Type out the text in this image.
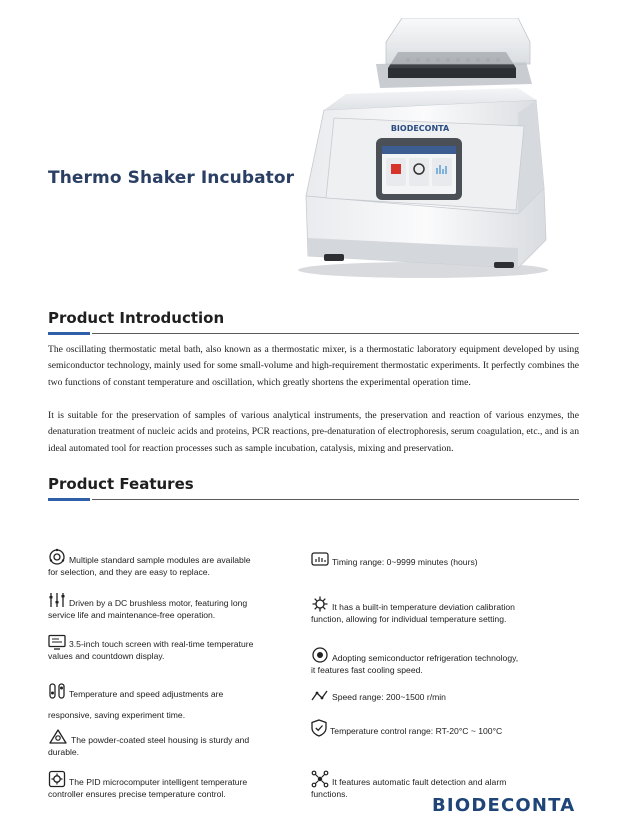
BIODECONTA
Thermo Shaker Incubator
Product Introduction
The oscillating thermostatic metal bath, also known as a thermostatic mixer, is a thermostatic laboratory equipment developed by using semiconductor technology, mainly used for some small-volume and high-requirement thermostatic experiments. It perfectly combines the two functions of constant temperature and oscillation, which greatly shortens the experimental operation time.
It is suitable for the preservation of samples of various analytical instruments, the preservation and reaction of various enzymes, the denaturation treatment of nucleic acids and proteins, PCR reactions, pre-denaturation of electrophoresis, serum coagulation, etc., and is an ideal automated tool for reaction processes such as sample incubation, catalysis, mixing and preservation.
Product Features
Multiple standard sample modules are available
for selection, and they are easy to replace.
Driven by a DC brushless motor, featuring long
service life and maintenance-free operation.
3.5-inch touch screen with real-time temperature
values and countdown display.
Temperature and speed adjustments are
responsive, saving experiment time.
The powder-coated steel housing is sturdy and
durable.
The PID microcomputer intelligent temperature
controller ensures precise temperature control.
Timing range: 0~9999 minutes (hours)
It has a built-in temperature deviation calibration
function, allowing for individual temperature setting.
Adopting semiconductor refrigeration technology,
it features fast cooling speed.
Speed range: 200~1500 r/min
Temperature control range: RT-20°C ~ 100°C
It features automatic fault detection and alarm
functions.
BIODECONTA
